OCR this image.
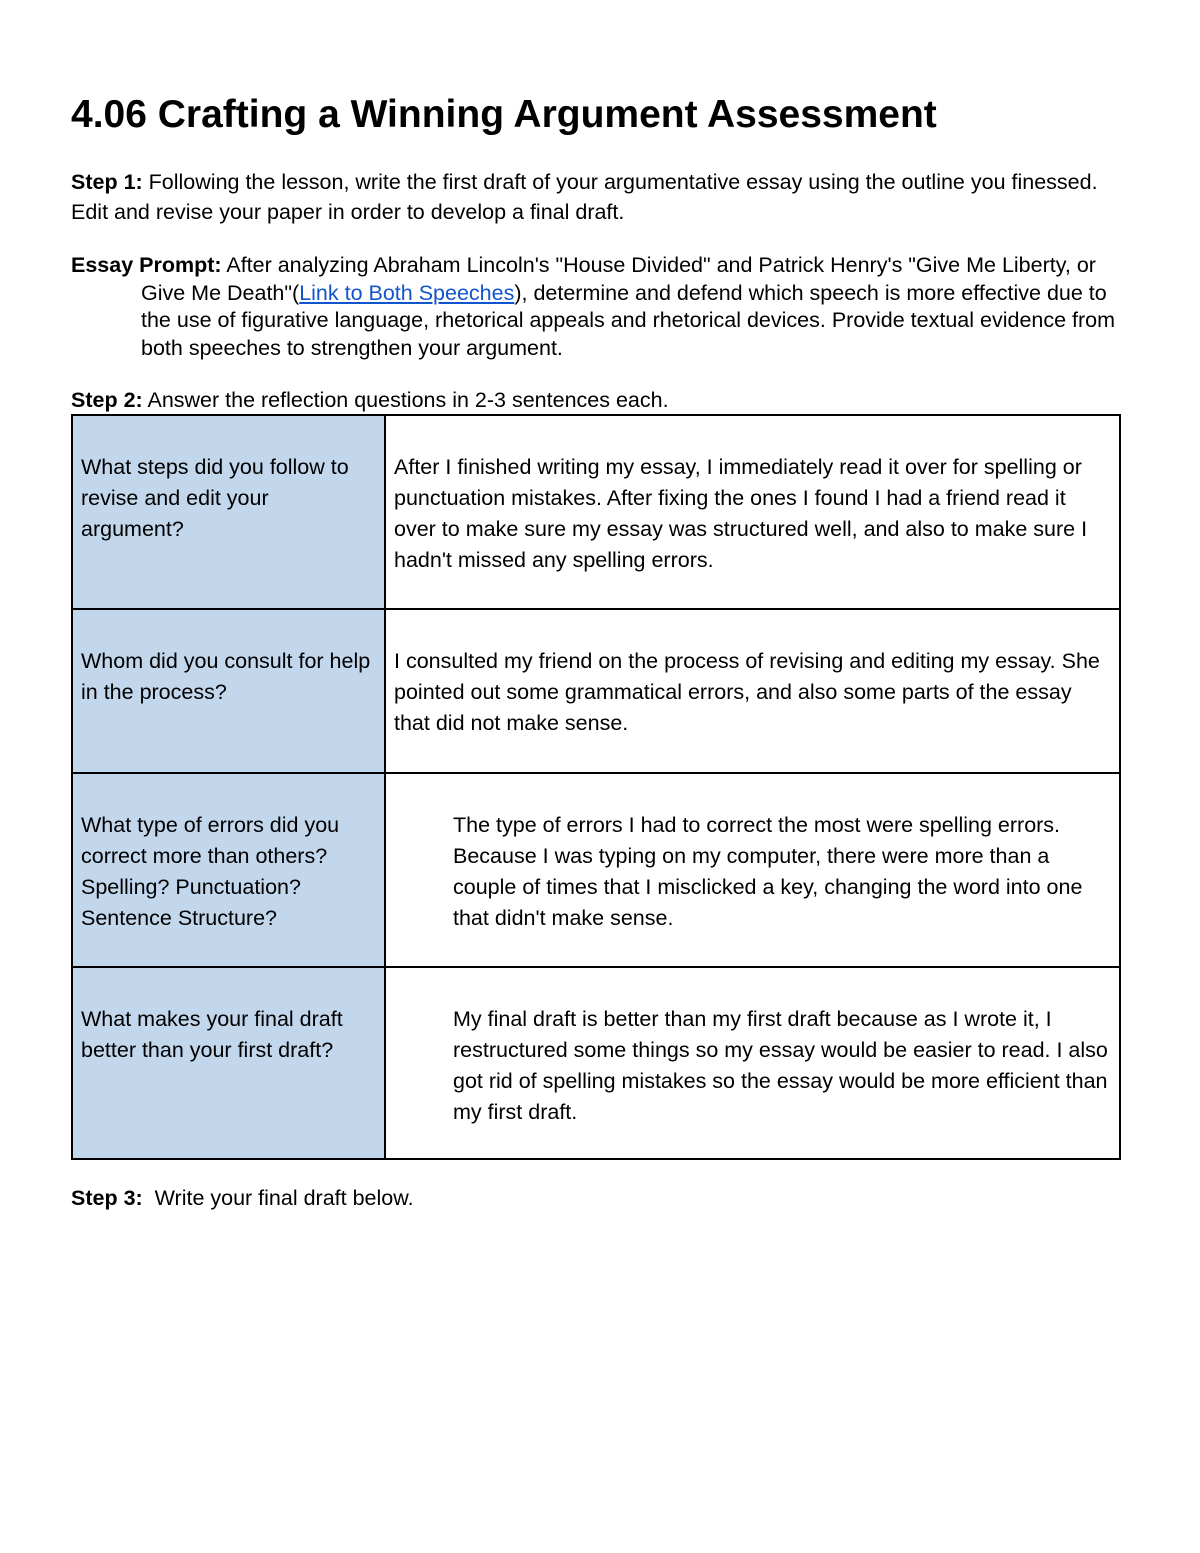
4.06 Crafting a Winning Argument Assessment

Step 1: Following the lesson, write the first draft of your argumentative essay using the outline you finessed. Edit and revise your paper in order to develop a final draft.

Essay Prompt: After analyzing Abraham Lincoln's "House Divided" and Patrick Henry's "Give Me Liberty, or Give Me Death"(Link to Both Speeches), determine and defend which speech is more effective due to the use of figurative language, rhetorical appeals and rhetorical devices. Provide textual evidence from both speeches to strengthen your argument.

Step 2: Answer the reflection questions in 2-3 sentences each.

What steps did you follow to revise and edit your argument?	After I finished writing my essay, I immediately read it over for spelling or punctuation mistakes. After fixing the ones I found I had a friend read it over to make sure my essay was structured well, and also to make sure I hadn't missed any spelling errors.
Whom did you consult for help in the process?	I consulted my friend on the process of revising and editing my essay. She pointed out some grammatical errors, and also some parts of the essay that did not make sense.
What type of errors did you correct more than others? Spelling? Punctuation? Sentence Structure?	The type of errors I had to correct the most were spelling errors. Because I was typing on my computer, there were more than a couple of times that I misclicked a key, changing the word into one that didn't make sense.
What makes your final draft better than your first draft?	My final draft is better than my first draft because as I wrote it, I restructured some things so my essay would be easier to read. I also got rid of spelling mistakes so the essay would be more efficient than my first draft.

Step 3:  Write your final draft below.
